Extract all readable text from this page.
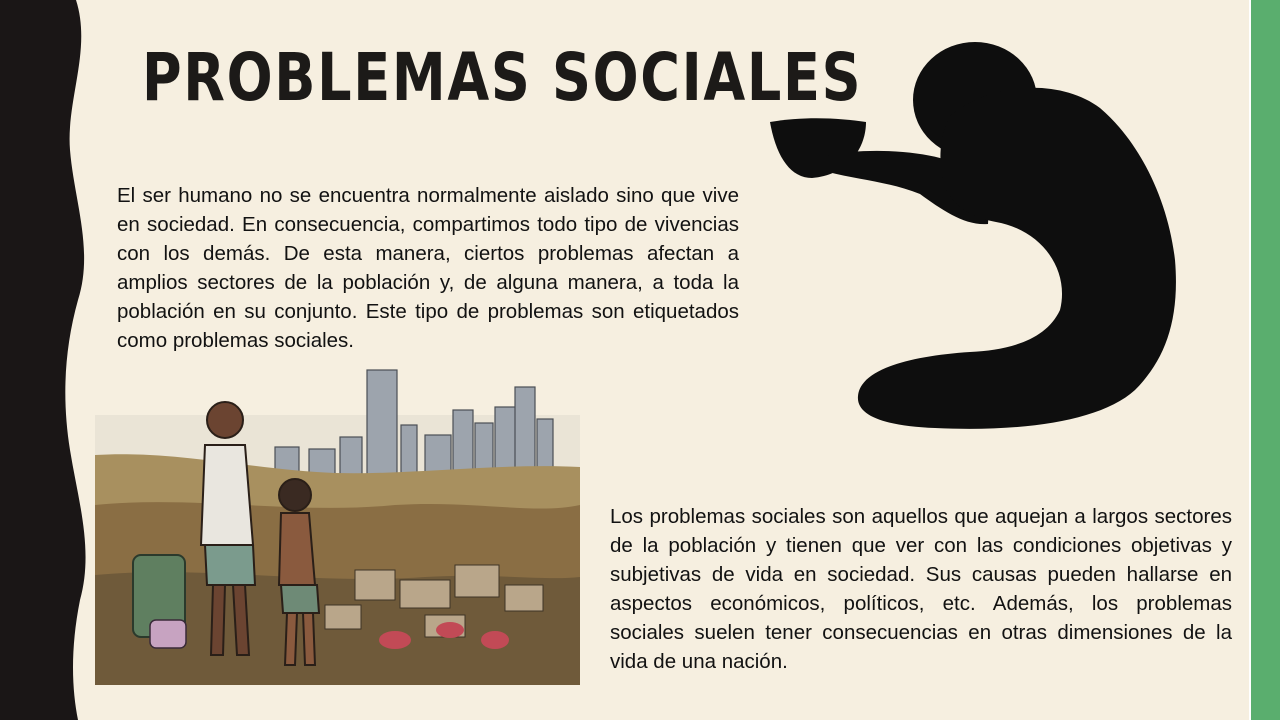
PROBLEMAS SOCIALES

El ser humano no se encuentra normalmente aislado sino que vive en sociedad. En consecuencia, compartimos todo tipo de vivencias con los demás. De esta manera, ciertos problemas afectan a amplios sectores de la población y, de alguna manera, a toda la población en su conjunto. Este tipo de problemas son etiquetados como problemas sociales.

Los problemas sociales son aquellos que aquejan a largos sectores de la población y tienen que ver con las condiciones objetivas y subjetivas de vida en sociedad. Sus causas pueden hallarse en aspectos económicos, políticos, etc. Además, los problemas sociales suelen tener consecuencias en otras dimensiones de la vida de una nación.
